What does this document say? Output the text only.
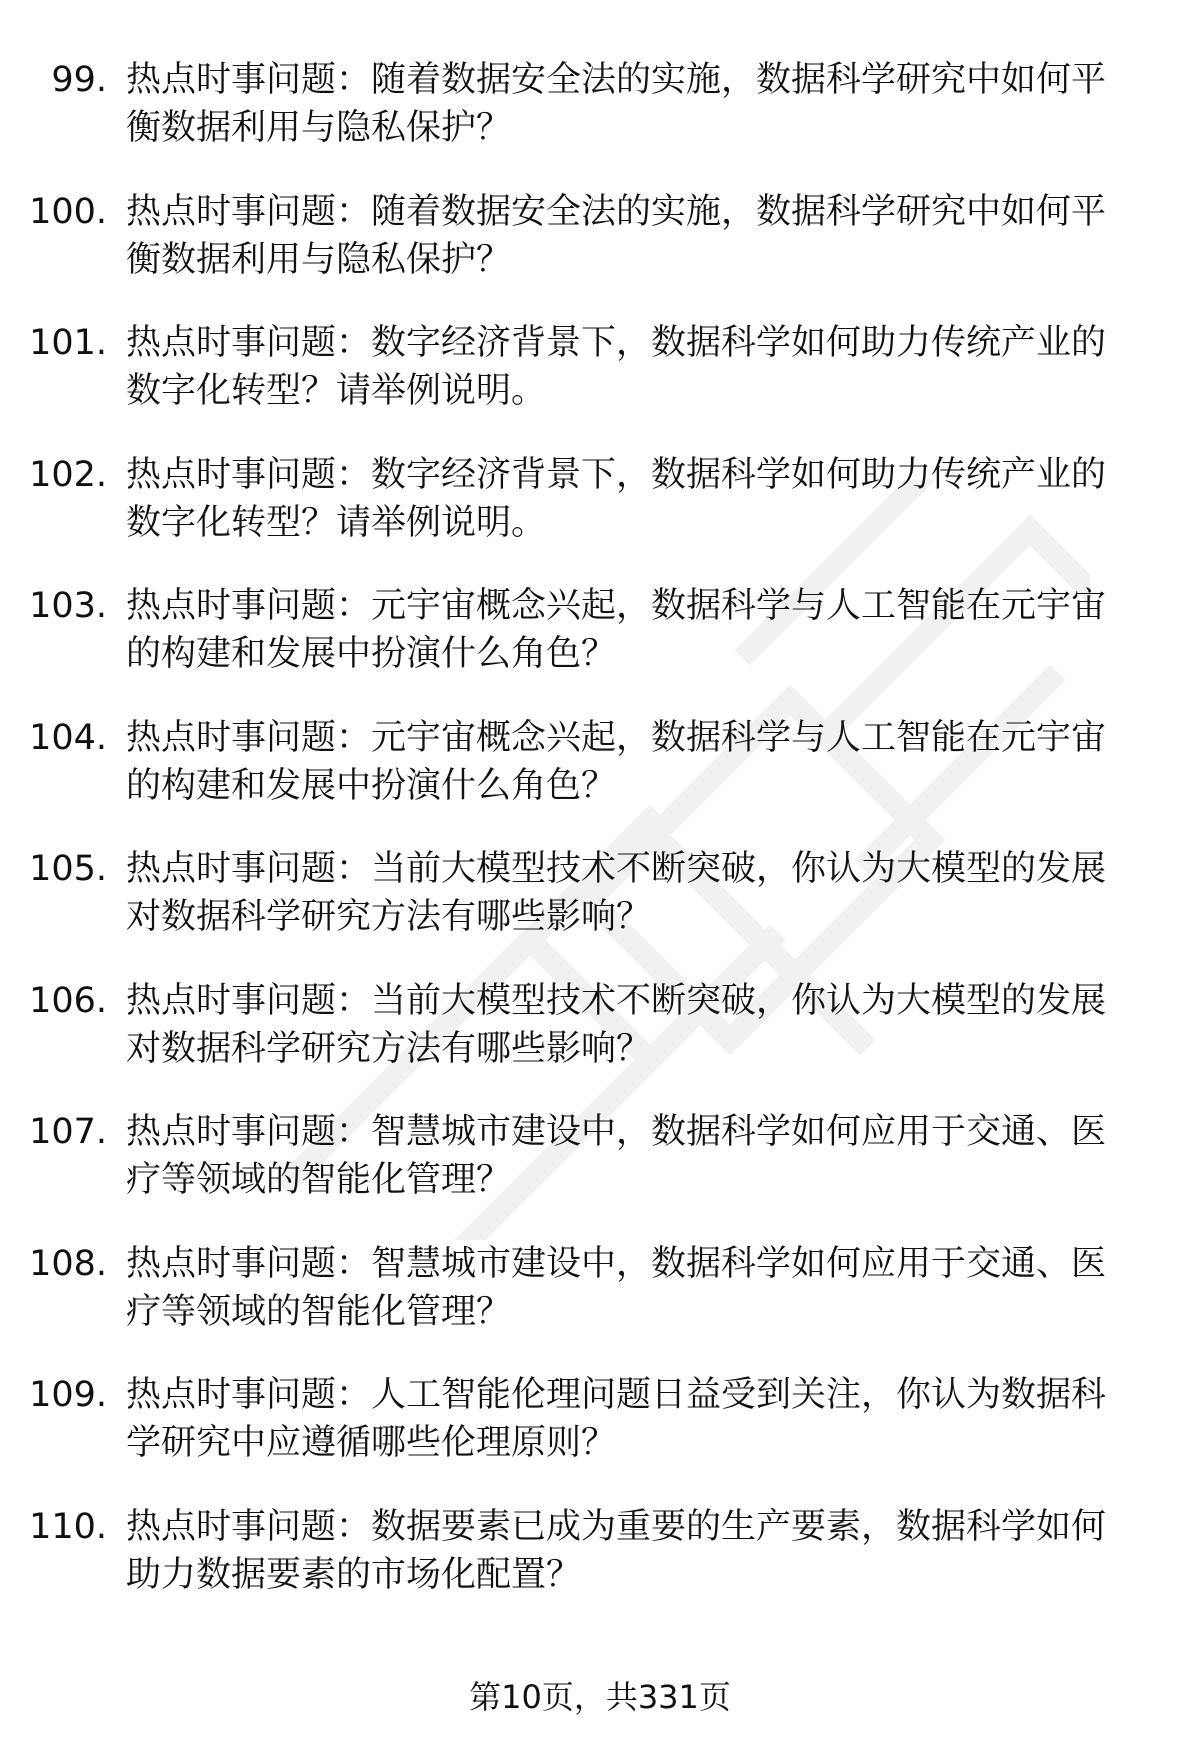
99. 热点时事问题：随着数据安全法的实施，数据科学研究中如何平
衡数据利用与隐私保护？
100. 热点时事问题：随着数据安全法的实施，数据科学研究中如何平
衡数据利用与隐私保护？
101. 热点时事问题：数字经济背景下，数据科学如何助力传统产业的
数字化转型？请举例说明。
102. 热点时事问题：数字经济背景下，数据科学如何助力传统产业的
数字化转型？请举例说明。
103. 热点时事问题：元宇宙概念兴起，数据科学与人工智能在元宇宙
的构建和发展中扮演什么角色？
104. 热点时事问题：元宇宙概念兴起，数据科学与人工智能在元宇宙
的构建和发展中扮演什么角色？
105. 热点时事问题：当前大模型技术不断突破，你认为大模型的发展
对数据科学研究方法有哪些影响？
106. 热点时事问题：当前大模型技术不断突破，你认为大模型的发展
对数据科学研究方法有哪些影响？
107. 热点时事问题：智慧城市建设中，数据科学如何应用于交通、医
疗等领域的智能化管理？
108. 热点时事问题：智慧城市建设中，数据科学如何应用于交通、医
疗等领域的智能化管理？
109. 热点时事问题：人工智能伦理问题日益受到关注，你认为数据科
学研究中应遵循哪些伦理原则？
110. 热点时事问题：数据要素已成为重要的生产要素，数据科学如何
助力数据要素的市场化配置？
第10页，共331页
